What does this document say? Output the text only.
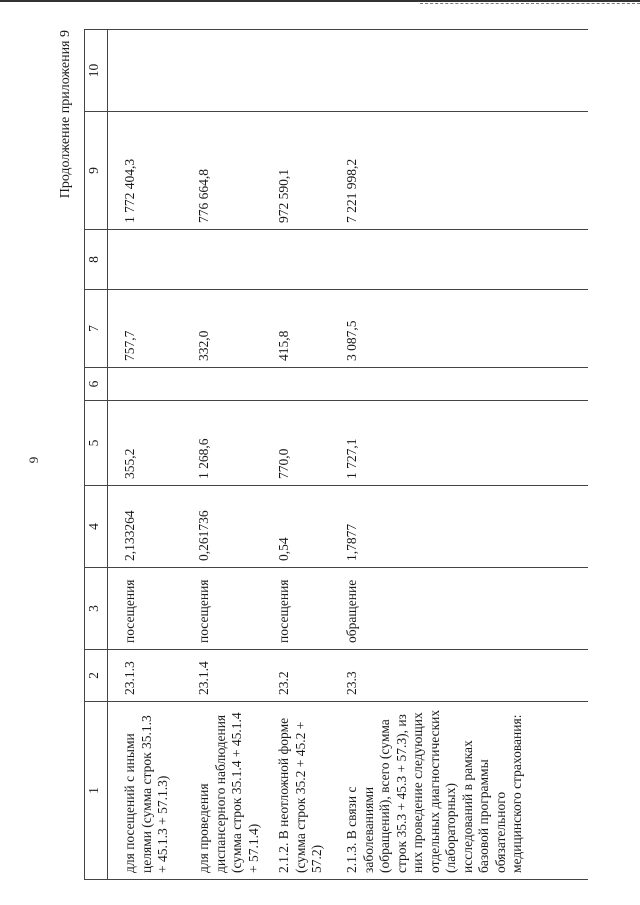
9
Продолжение приложения 9
1	2	3	4	5	6	7	8	9	10
для посещений с иными целями (сумма строк 35.1.3 + 45.1.3 + 57.1.3)	23.1.3	посещения	2,133264	355,2		757,7		1 772 404,3	
для проведения диспансерного наблюдения (сумма строк 35.1.4 + 45.1.4 + 57.1.4)	23.1.4	посещения	0,261736	1 268,6		332,0		776 664,8	
2.1.2. В неотложной форме (сумма строк 35.2 + 45.2 + 57.2)	23.2	посещения	0,54	770,0		415,8		972 590,1	
2.1.3. В связи с заболеваниями (обращений), всего (сумма строк 35.3 + 45.3 + 57.3), из них проведение следующих отдельных диагностических (лабораторных) исследований в рамках базовой программы обязательного медицинского страхования:	23.3	обращение	1,7877	1 727,1		3 087,5		7 221 998,2	
